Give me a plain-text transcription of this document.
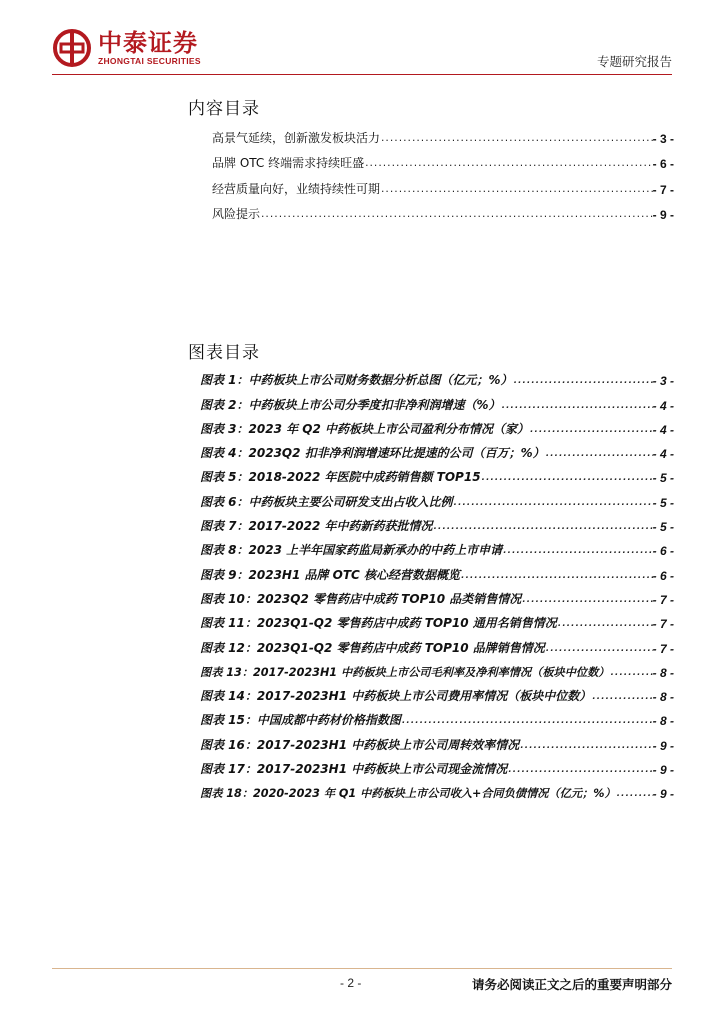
中泰证券
ZHONGTAI SECURITIES	专题研究报告
内容目录
高景气延续，创新激发板块活力 .....	- 3 -
品牌 OTC 终端需求持续旺盛 .....	- 6 -
经营质量向好，业绩持续性可期 .....	- 7 -
风险提示 .....	- 9 -
图表目录
图表 1：中药板块上市公司财务数据分析总图（亿元；%） .....	- 3 -
图表 2：中药板块上市公司分季度扣非净利润增速（%） .....	- 4 -
图表 3：2023 年 Q2 中药板块上市公司盈利分布情况（家） .....	- 4 -
图表 4：2023Q2 扣非净利润增速环比提速的公司（百万；%） .....	- 4 -
图表 5：2018-2022 年医院中成药销售额 TOP15 .....	- 5 -
图表 6：中药板块主要公司研发支出占收入比例 .....	- 5 -
图表 7：2017-2022 年中药新药获批情况 .....	- 5 -
图表 8：2023 上半年国家药监局新承办的中药上市申请 .....	- 6 -
图表 9：2023H1 品牌 OTC 核心经营数据概览 .....	- 6 -
图表 10：2023Q2 零售药店中成药 TOP10 品类销售情况 .....	- 7 -
图表 11：2023Q1-Q2 零售药店中成药 TOP10 通用名销售情况 .....	- 7 -
图表 12：2023Q1-Q2 零售药店中成药 TOP10 品牌销售情况 .....	- 7 -
图表 13：2017-2023H1 中药板块上市公司毛利率及净利率情况（板块中位数） .....	- 8 -
图表 14：2017-2023H1 中药板块上市公司费用率情况（板块中位数） .....	- 8 -
图表 15：中国成都中药材价格指数图 .....	- 8 -
图表 16：2017-2023H1 中药板块上市公司周转效率情况 .....	- 9 -
图表 17：2017-2023H1 中药板块上市公司现金流情况 .....	- 9 -
图表 18：2020-2023 年 Q1 中药板块上市公司收入+合同负债情况（亿元；%） .....	- 9 -
- 2 -	请务必阅读正文之后的重要声明部分
